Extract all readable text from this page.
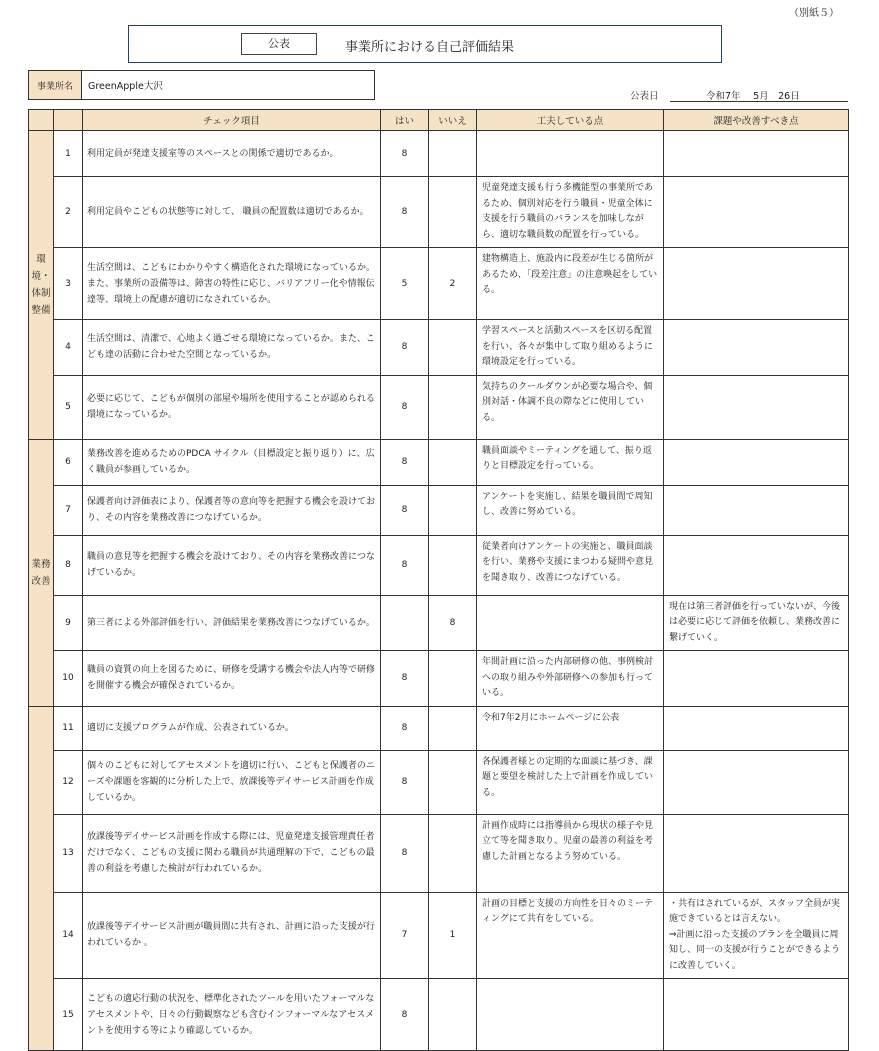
（別紙５）
公表	事業所における自己評価結果
事業所名	GreenApple大沢
公表日	令和7年　 5月　26日
		チェック項目	はい	いいえ	工夫している点	課題や改善すべき点
環境・体制整備	1	利用定員が発達支援室等のスペースとの関係で適切であるか。	8			
	2	利用定員やこどもの状態等に対して、 職員の配置数は適切であるか。	8		児童発達支援も行う多機能型の事業所であるため、個別対応を行う職員・児童全体に支援を行う職員のバランスを加味しながら、適切な職員数の配置を行っている。	
	3	生活空間は、こどもにわかりやすく構造化された環境になっているか。また、事業所の設備等は、障害の特性に応じ、バリアフリー化や情報伝達等、環境上の配慮が適切になされているか。	5	2	建物構造上、施設内に段差が生じる箇所があるため、「段差注意」の注意喚起をしている。	
	4	生活空間は、清潔で、心地よく過ごせる環境になっているか。また、こども達の活動に合わせた空間となっているか。	8		学習スペースと活動スペースを区切る配置を行い、各々が集中して取り組めるように環境設定を行っている。	
	5	必要に応じて、こどもが個別の部屋や場所を使用することが認められる環境になっているか。	8		気持ちのクールダウンが必要な場合や、個別対話・体調不良の際などに使用している。	
業務改善	6	業務改善を進めるためのPDCA サイクル（目標設定と振り返り）に、広く職員が参画しているか。	8		職員面談やミーティングを通して、振り返りと目標設定を行っている。	
	7	保護者向け評価表により、保護者等の意向等を把握する機会を設けており、その内容を業務改善につなげているか。	8		アンケートを実施し、結果を職員間で周知し、改善に努めている。	
	8	職員の意見等を把握する機会を設けており、その内容を業務改善につなげているか。	8		従業者向けアンケートの実施と、職員面談を行い、業務や支援にまつわる疑問や意見を聞き取り、改善につなげている。	
	9	第三者による外部評価を行い、評価結果を業務改善につなげているか。		8		現在は第三者評価を行っていないが、今後は必要に応じて評価を依頼し、業務改善に繋げていく。
	10	職員の資質の向上を図るために、研修を受講する機会や法人内等で研修を開催する機会が確保されているか。	8		年間計画に沿った内部研修の他、事例検討への取り組みや外部研修への参加も行っている。	
	11	適切に支援プログラムが作成、公表されているか。	8		令和7年2月にホームページに公表	
	12	個々のこどもに対してアセスメントを適切に行い、こどもと保護者のニーズや課題を客観的に分析した上で、放課後等デイサービス計画を作成しているか。	8		各保護者様との定期的な面談に基づき、課題と要望を検討した上で計画を作成している。	
	13	放課後等デイサービス計画を作成する際には、児童発達支援管理責任者だけでなく、こどもの支援に関わる職員が共通理解の下で、こどもの最善の利益を考慮した検討が行われているか。	8		計画作成時には指導員から現状の様子や見立て等を聞き取り、児童の最善の利益を考慮した計画となるよう努めている。	
	14	放課後等デイサービス計画が職員間に共有され、計画に沿った支援が行われているか 。	7	1	計画の目標と支援の方向性を日々のミーティングにて共有をしている。	・共有はされているが、スタッフ全員が実施できているとは言えない。
⇒計画に沿った支援のプランを全職員に周知し、同一の支援が行うことができるように改善していく。
	15	こどもの適応行動の状況を、標準化されたツールを用いたフォーマルなアセスメントや、日々の行動観察なども含むインフォーマルなアセスメントを使用する等により確認しているか。	8			
